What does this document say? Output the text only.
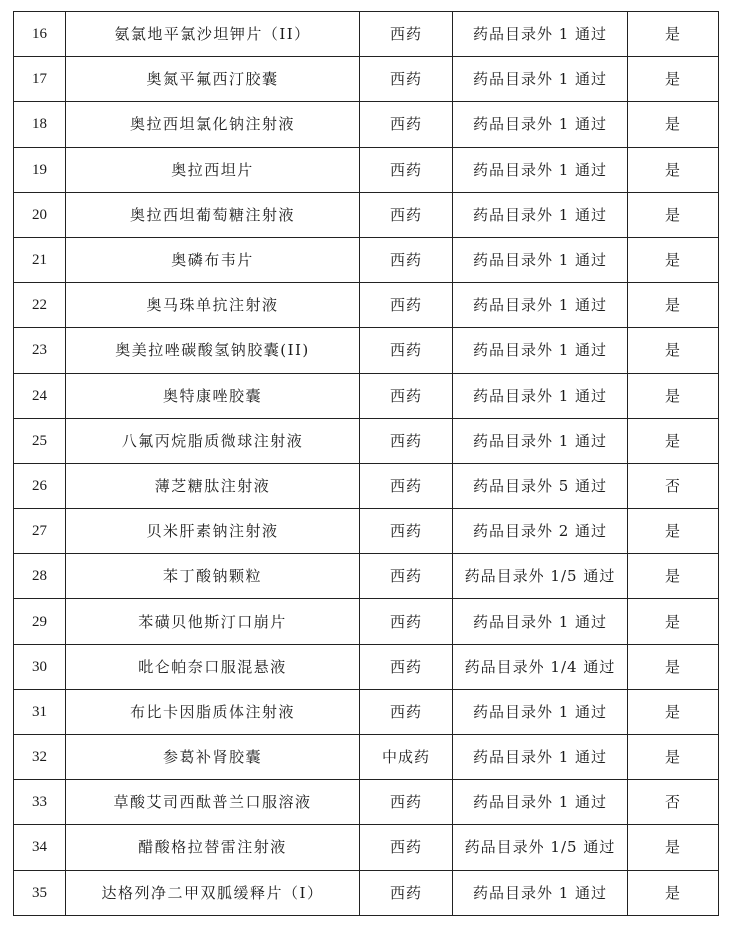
16	氨氯地平氯沙坦钾片（II）	西药	药品目录外 1 通过	是
17	奥氮平氟西汀胶囊	西药	药品目录外 1 通过	是
18	奥拉西坦氯化钠注射液	西药	药品目录外 1 通过	是
19	奥拉西坦片	西药	药品目录外 1 通过	是
20	奥拉西坦葡萄糖注射液	西药	药品目录外 1 通过	是
21	奥磷布韦片	西药	药品目录外 1 通过	是
22	奥马珠单抗注射液	西药	药品目录外 1 通过	是
23	奥美拉唑碳酸氢钠胶囊(II)	西药	药品目录外 1 通过	是
24	奥特康唑胶囊	西药	药品目录外 1 通过	是
25	八氟丙烷脂质微球注射液	西药	药品目录外 1 通过	是
26	薄芝糖肽注射液	西药	药品目录外 5 通过	否
27	贝米肝素钠注射液	西药	药品目录外 2 通过	是
28	苯丁酸钠颗粒	西药	药品目录外 1/5 通过	是
29	苯磺贝他斯汀口崩片	西药	药品目录外 1 通过	是
30	吡仑帕奈口服混悬液	西药	药品目录外 1/4 通过	是
31	布比卡因脂质体注射液	西药	药品目录外 1 通过	是
32	参葛补肾胶囊	中成药	药品目录外 1 通过	是
33	草酸艾司西酞普兰口服溶液	西药	药品目录外 1 通过	否
34	醋酸格拉替雷注射液	西药	药品目录外 1/5 通过	是
35	达格列净二甲双胍缓释片（I）	西药	药品目录外 1 通过	是
